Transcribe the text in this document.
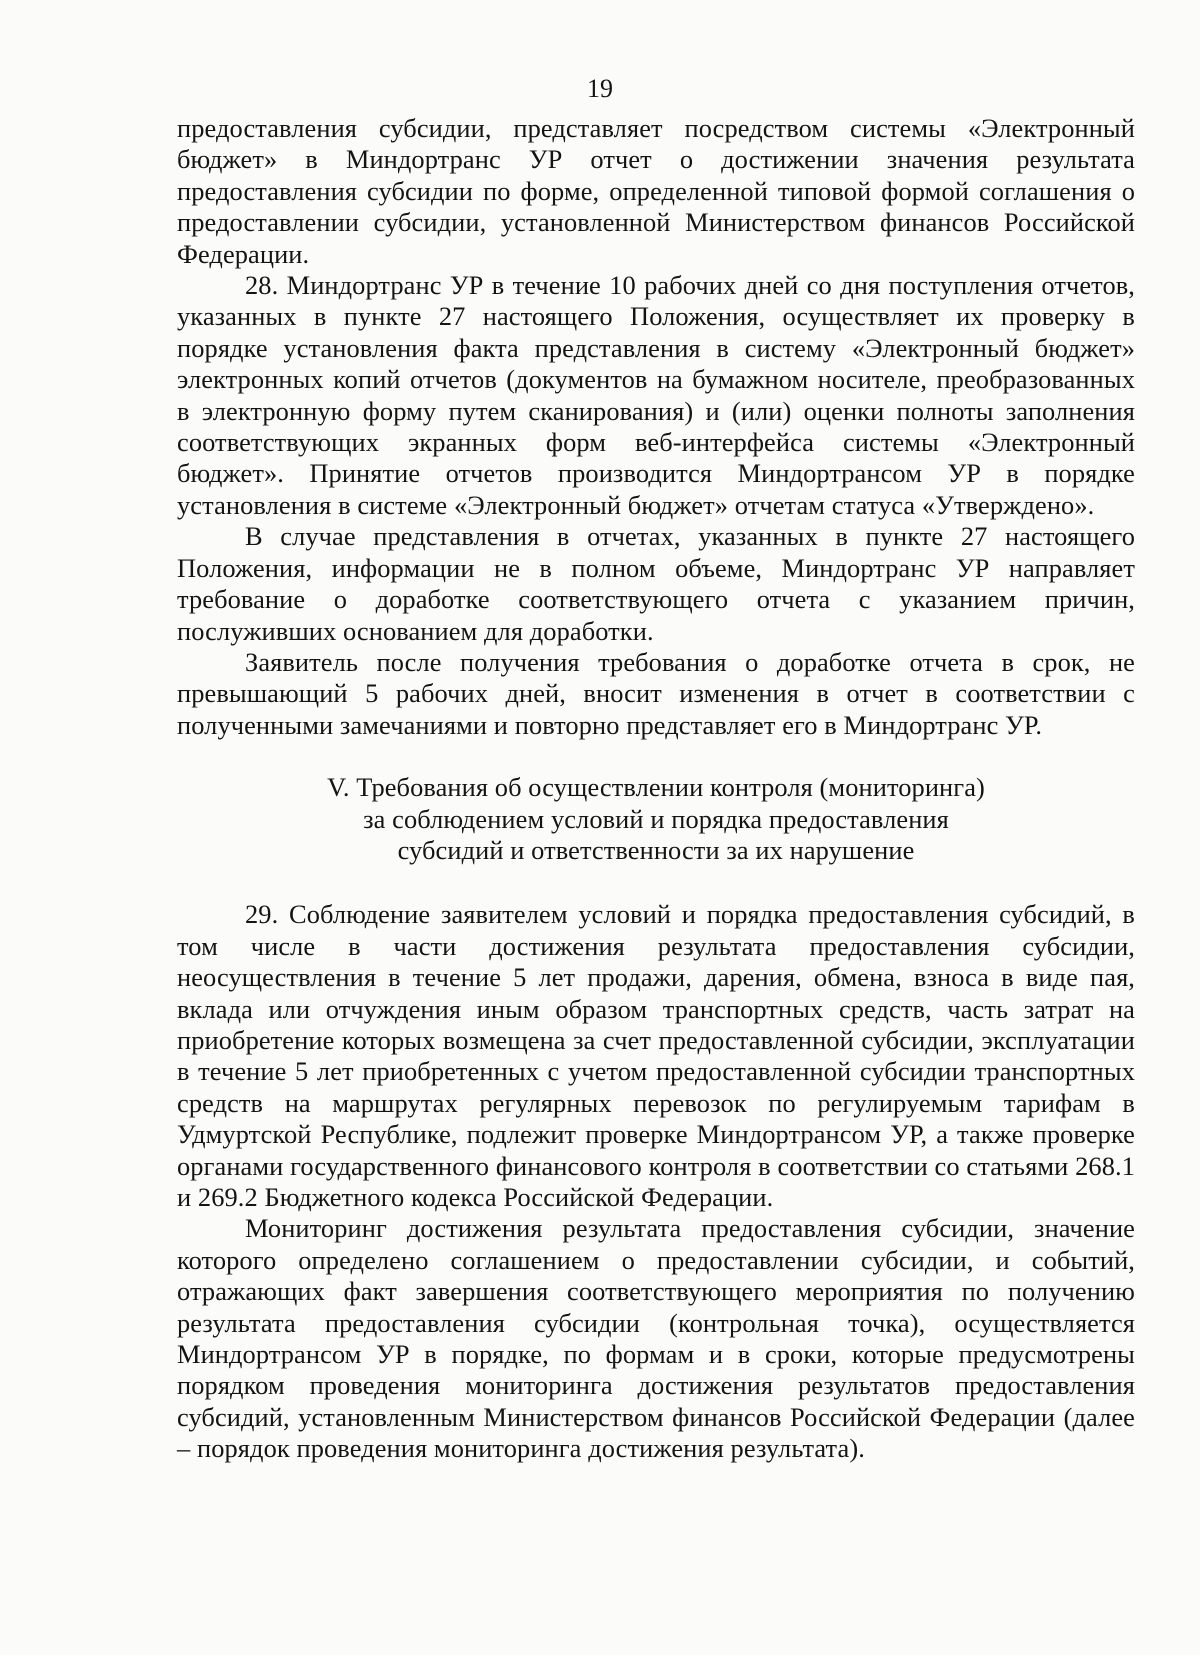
19

предоставления субсидии, представляет посредством системы «Электронный бюджет» в Миндортранс УР отчет о достижении значения результата предоставления субсидии по форме, определенной типовой формой соглашения о предоставлении субсидии, установленной Министерством финансов Российской Федерации.

28. Миндортранс УР в течение 10 рабочих дней со дня поступления отчетов, указанных в пункте 27 настоящего Положения, осуществляет их проверку в порядке установления факта представления в систему «Электронный бюджет» электронных копий отчетов (документов на бумажном носителе, преобразованных в электронную форму путем сканирования) и (или) оценки полноты заполнения соответствующих экранных форм веб-интерфейса системы «Электронный бюджет». Принятие отчетов производится Миндортрансом УР в порядке установления в системе «Электронный бюджет» отчетам статуса «Утверждено».

В случае представления в отчетах, указанных в пункте 27 настоящего Положения, информации не в полном объеме, Миндортранс УР направляет требование о доработке соответствующего отчета с указанием причин, послуживших основанием для доработки.

Заявитель после получения требования о доработке отчета в срок, не превышающий 5 рабочих дней, вносит изменения в отчет в соответствии с полученными замечаниями и повторно представляет его в Миндортранс УР.

V. Требования об осуществлении контроля (мониторинга)
за соблюдением условий и порядка предоставления
субсидий и ответственности за их нарушение

29. Соблюдение заявителем условий и порядка предоставления субсидий, в том числе в части достижения результата предоставления субсидии, неосуществления в течение 5 лет продажи, дарения, обмена, взноса в виде пая, вклада или отчуждения иным образом транспортных средств, часть затрат на приобретение которых возмещена за счет предоставленной субсидии, эксплуатации в течение 5 лет приобретенных с учетом предоставленной субсидии транспортных средств на маршрутах регулярных перевозок по регулируемым тарифам в Удмуртской Республике, подлежит проверке Миндортрансом УР, а также проверке органами государственного финансового контроля в соответствии со статьями 268.1 и 269.2 Бюджетного кодекса Российской Федерации.

Мониторинг достижения результата предоставления субсидии, значение которого определено соглашением о предоставлении субсидии, и событий, отражающих факт завершения соответствующего мероприятия по получению результата предоставления субсидии (контрольная точка), осуществляется Миндортрансом УР в порядке, по формам и в сроки, которые предусмотрены порядком проведения мониторинга достижения результатов предоставления субсидий, установленным Министерством финансов Российской Федерации (далее – порядок проведения мониторинга достижения результата).
